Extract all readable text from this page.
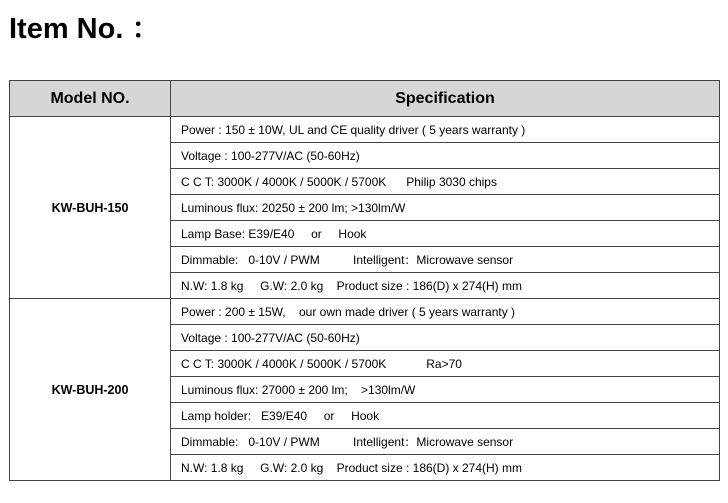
Item No. ：
Model NO.	Specification
KW-BUH-150	Power : 150 ± 10W, UL and CE quality driver ( 5 years warranty )
	Voltage : 100-277V/AC (50-60Hz)
	C C T: 3000K / 4000K / 5000K / 5700K      Philip 3030 chips
	Luminous flux: 20250 ± 200 lm; >130lm/W
	Lamp Base: E39/E40     or     Hook
	Dimmable:   0-10V / PWM          Intelligent：Microwave sensor
	N.W: 1.8 kg     G.W: 2.0 kg    Product size : 186(D) x 274(H) mm
KW-BUH-200	Power : 200 ± 15W,    our own made driver ( 5 years warranty )
	Voltage : 100-277V/AC (50-60Hz)
	C C T: 3000K / 4000K / 5000K / 5700K            Ra>70
	Luminous flux: 27000 ± 200 lm;    >130lm/W
	Lamp holder:   E39/E40     or     Hook
	Dimmable:   0-10V / PWM          Intelligent：Microwave sensor
	N.W: 1.8 kg     G.W: 2.0 kg    Product size : 186(D) x 274(H) mm
